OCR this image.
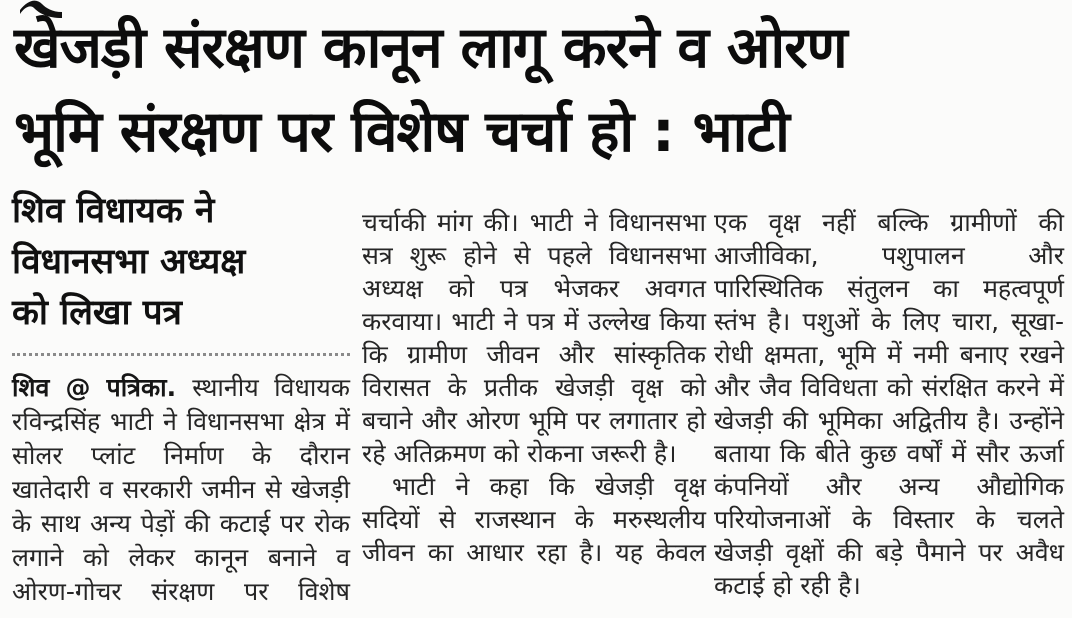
खेजड़ी संरक्षण कानून लागू करने व ओरण
भूमि संरक्षण पर विशेष चर्चा हो : भाटी
शिव विधायक ने
विधानसभा अध्यक्ष
को लिखा पत्र

शिव @ पत्रिका. स्थानीय विधायक रविन्द्रसिंह भाटी ने विधानसभा क्षेत्र में सोलर प्लांट निर्माण के दौरान खातेदारी व सरकारी जमीन से खेजड़ी के साथ अन्य पेड़ों की कटाई पर रोक लगाने को लेकर कानून बनाने व ओरण-गोचर संरक्षण पर विशेष

चर्चाकी मांग की। भाटी ने विधानसभा सत्र शुरू होने से पहले विधानसभा अध्यक्ष को पत्र भेजकर अवगत करवाया। भाटी ने पत्र में उल्लेख किया कि ग्रामीण जीवन और सांस्कृतिक विरासत के प्रतीक खेजड़ी वृक्ष को बचाने और ओरण भूमि पर लगातार हो रहे अतिक्रमण को रोकना जरूरी है।

भाटी ने कहा कि खेजड़ी वृक्ष सदियों से राजस्थान के मरुस्थलीय जीवन का आधार रहा है। यह केवल

एक वृक्ष नहीं बल्कि ग्रामीणों की आजीविका, पशुपालन और पारिस्थितिक संतुलन का महत्वपूर्ण स्तंभ है। पशुओं के लिए चारा, सूखा-रोधी क्षमता, भूमि में नमी बनाए रखने और जैव विविधता को संरक्षित करने में खेजड़ी की भूमिका अद्वितीय है। उन्होंने बताया कि बीते कुछ वर्षों में सौर ऊर्जा कंपनियों और अन्य औद्योगिक परियोजनाओं के विस्तार के चलते खेजड़ी वृक्षों की बड़े पैमाने पर अवैध कटाई हो रही है।
